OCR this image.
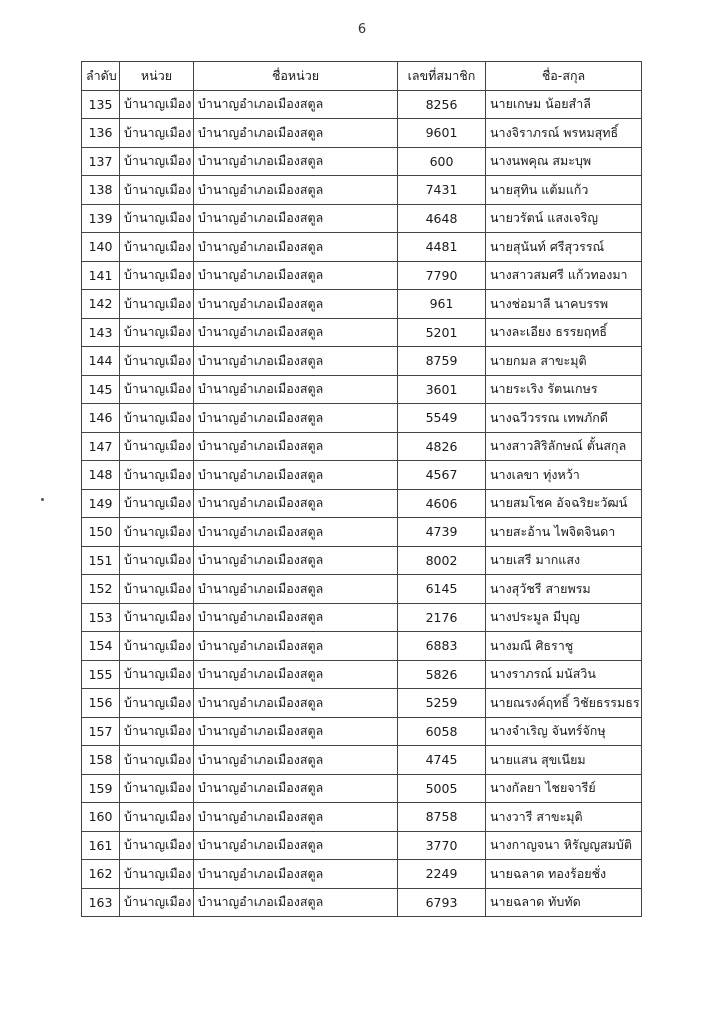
6
ลำดับ	หน่วย	ชื่อหน่วย	เลขที่สมาชิก	ชื่อ-สกุล
135	บ้านาญเมือง	บำนาญอำเภอเมืองสตูล	8256	นายเกษม น้อยสำลี
136	บ้านาญเมือง	บำนาญอำเภอเมืองสตูล	9601	นางจิราภรณ์ พรหมสุทธิ์
137	บ้านาญเมือง	บำนาญอำเภอเมืองสตูล	600	นางนพคุณ สมะบุพ
138	บ้านาญเมือง	บำนาญอำเภอเมืองสตูล	7431	นายสุทิน แต้มแก้ว
139	บ้านาญเมือง	บำนาญอำเภอเมืองสตูล	4648	นายวรัตน์ แสงเจริญ
140	บ้านาญเมือง	บำนาญอำเภอเมืองสตูล	4481	นายสุนันท์ ศรีสุวรรณ์
141	บ้านาญเมือง	บำนาญอำเภอเมืองสตูล	7790	นางสาวสมศรี แก้วทองมา
142	บ้านาญเมือง	บำนาญอำเภอเมืองสตูล	961	นางช่อมาลี นาคบรรพ
143	บ้านาญเมือง	บำนาญอำเภอเมืองสตูล	5201	นางละเอียง ธรรยฤทธิ์
144	บ้านาญเมือง	บำนาญอำเภอเมืองสตูล	8759	นายกมล สาขะมุติ
145	บ้านาญเมือง	บำนาญอำเภอเมืองสตูล	3601	นายระเริง รัตนเกษร
146	บ้านาญเมือง	บำนาญอำเภอเมืองสตูล	5549	นางฉวีวรรณ เทพภักดี
147	บ้านาญเมือง	บำนาญอำเภอเมืองสตูล	4826	นางสาวสิริลักษณ์ ตั้นสกุล
148	บ้านาญเมือง	บำนาญอำเภอเมืองสตูล	4567	นางเลขา ทุ่งหว้า
149	บ้านาญเมือง	บำนาญอำเภอเมืองสตูล	4606	นายสมโชค อัจฉริยะวัฒน์
150	บ้านาญเมือง	บำนาญอำเภอเมืองสตูล	4739	นายสะอ้าน ไพจิตจินดา
151	บ้านาญเมือง	บำนาญอำเภอเมืองสตูล	8002	นายเสรี มากแสง
152	บ้านาญเมือง	บำนาญอำเภอเมืองสตูล	6145	นางสุวัชรี สายพรม
153	บ้านาญเมือง	บำนาญอำเภอเมืองสตูล	2176	นางประมูล มีบุญ
154	บ้านาญเมือง	บำนาญอำเภอเมืองสตูล	6883	นางมณี ศิธราชู
155	บ้านาญเมือง	บำนาญอำเภอเมืองสตูล	5826	นางราภรณ์ มนัสวิน
156	บ้านาญเมือง	บำนาญอำเภอเมืองสตูล	5259	นายณรงค์ฤทธิ์ วิชัยธรรมธร
157	บ้านาญเมือง	บำนาญอำเภอเมืองสตูล	6058	นางจำเริญ จันทร์จักษุ
158	บ้านาญเมือง	บำนาญอำเภอเมืองสตูล	4745	นายแสน สุขเนียม
159	บ้านาญเมือง	บำนาญอำเภอเมืองสตูล	5005	นางกัลยา ไชยจารีย์
160	บ้านาญเมือง	บำนาญอำเภอเมืองสตูล	8758	นางวารี สาขะมุติ
161	บ้านาญเมือง	บำนาญอำเภอเมืองสตูล	3770	นางกาญจนา หิรัญญสมบัติ
162	บ้านาญเมือง	บำนาญอำเภอเมืองสตูล	2249	นายฉลาด ทองร้อยชั่ง
163	บ้านาญเมือง	บำนาญอำเภอเมืองสตูล	6793	นายฉลาด ทับทัด
